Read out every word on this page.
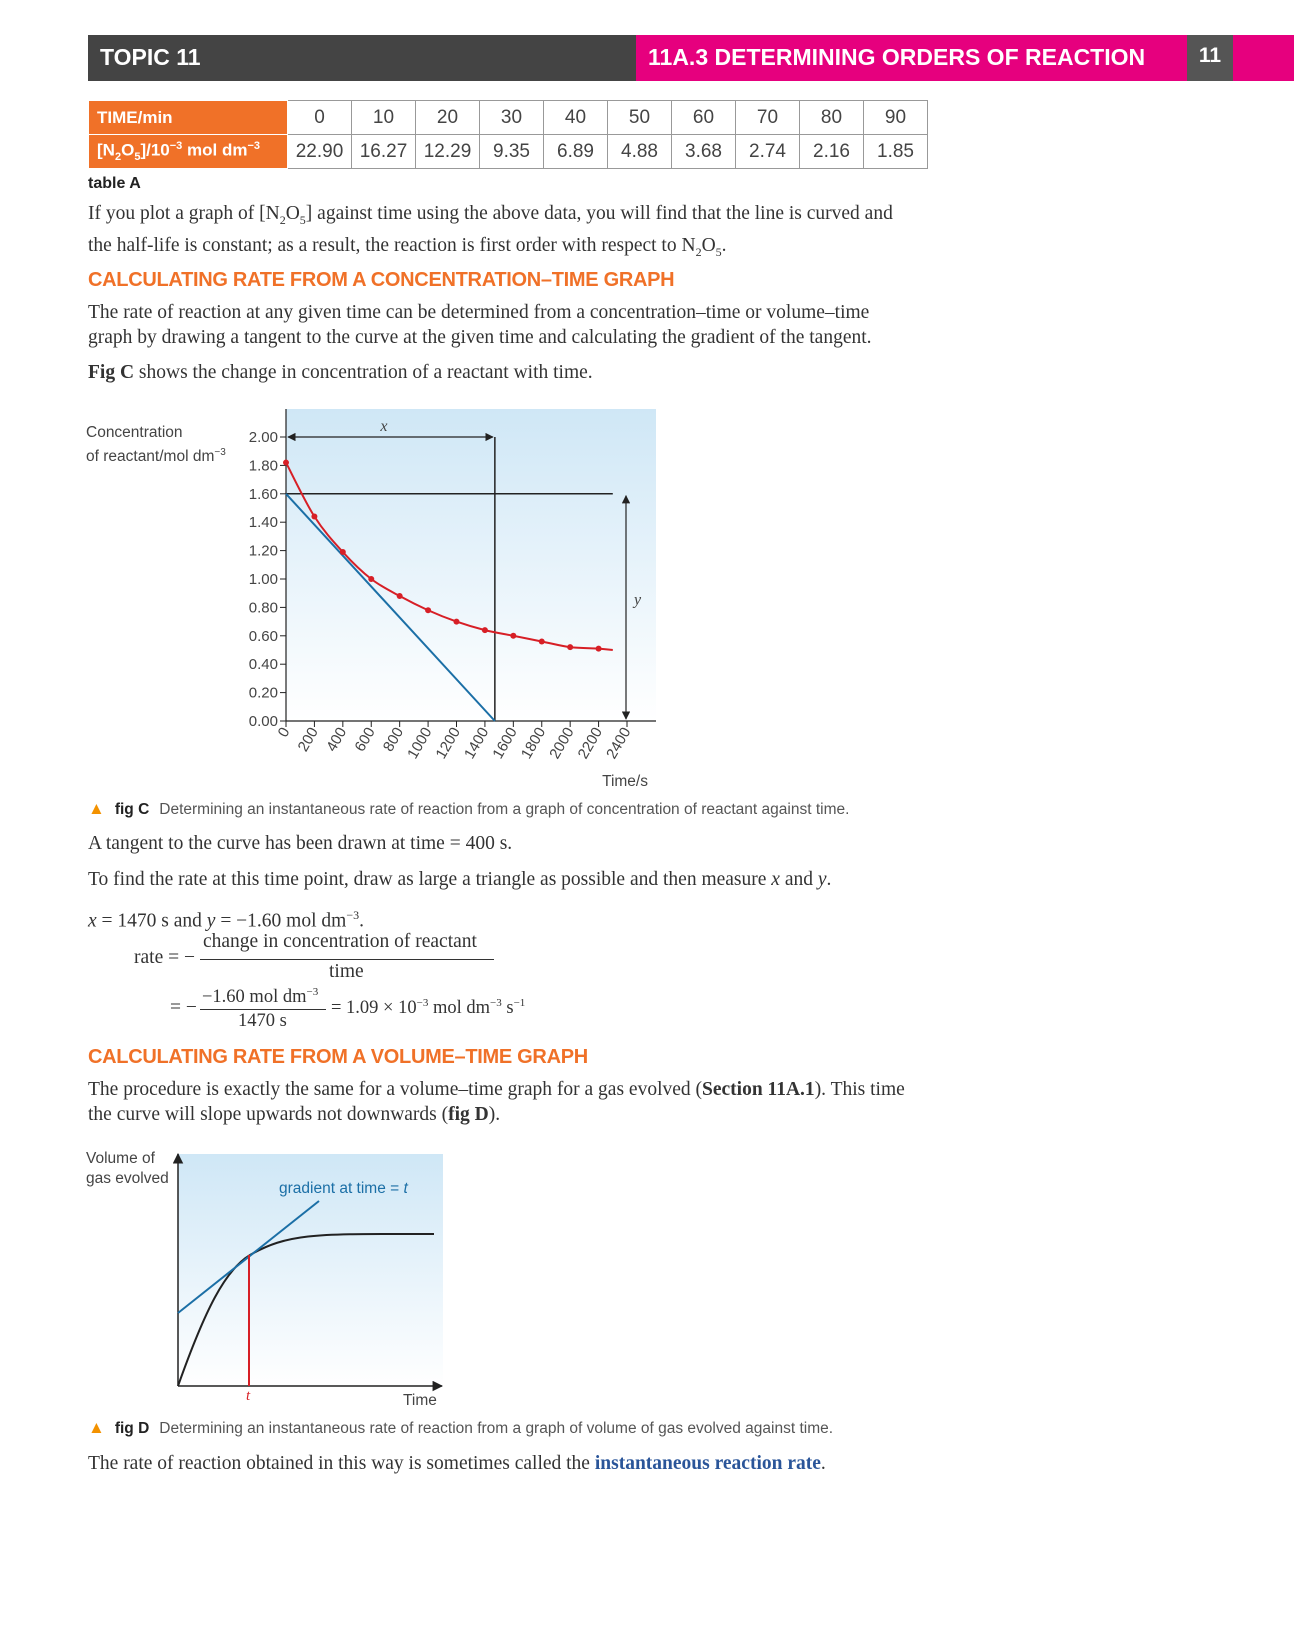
TOPIC 11	11A.3 DETERMINING ORDERS OF REACTION	11
TIME/min	0	10	20	30	40	50	60	70	80	90
$[N_2O_5]/10^{-3}$ mol $dm^{-3}$	22.90	16.27	12.29	9.35	6.89	4.88	3.68	2.74	2.16	1.85
table A
If you plot a graph of $[N_2O_5]$ against time using the above data, you will find that the line is curved and the half-life is constant; as a result, the reaction is first order with respect to $N_2O_5$.
CALCULATING RATE FROM A CONCENTRATION–TIME GRAPH
The rate of reaction at any given time can be determined from a concentration–time or volume–time graph by drawing a tangent to the curve at the given time and calculating the gradient of the tangent.
Fig C shows the change in concentration of a reactant with time.
Concentration
of reactant/mol $dm^{-3}$
0.00
0.20
0.40
0.60
0.80
1.00
1.20
1.40
1.60
1.80
2.00
0 200 400 600 800
1000
1200
1400
1600
1800
2000
2200
2400
Time/s
x
y
▲ fig C Determining an instantaneous rate of reaction from a graph of concentration of reactant against time.
A tangent to the curve has been drawn at time = 400 s.
To find the rate at this time point, draw as large a triangle as possible and then measure x and y.
x = 1470 s and y = −1.60 mol $dm^{-3}$.
rate = −
change in concentration of reactant
time
= − −1.60 mol $dm^{-3}$
1470 s
= $1.09 \times 10^{-3}$ mol $dm^{-3}$ $s^{-1}$
CALCULATING RATE FROM A VOLUME–TIME GRAPH
The procedure is exactly the same for a volume–time graph for a gas evolved (Section 11A.1). This time the curve will slope upwards not downwards (fig D).
Volume of
gas evolved
gradient at time = t
t	Time
▲ fig D Determining an instantaneous rate of reaction from a graph of volume of gas evolved against time.
The rate of reaction obtained in this way is sometimes called the instantaneous reaction rate.
